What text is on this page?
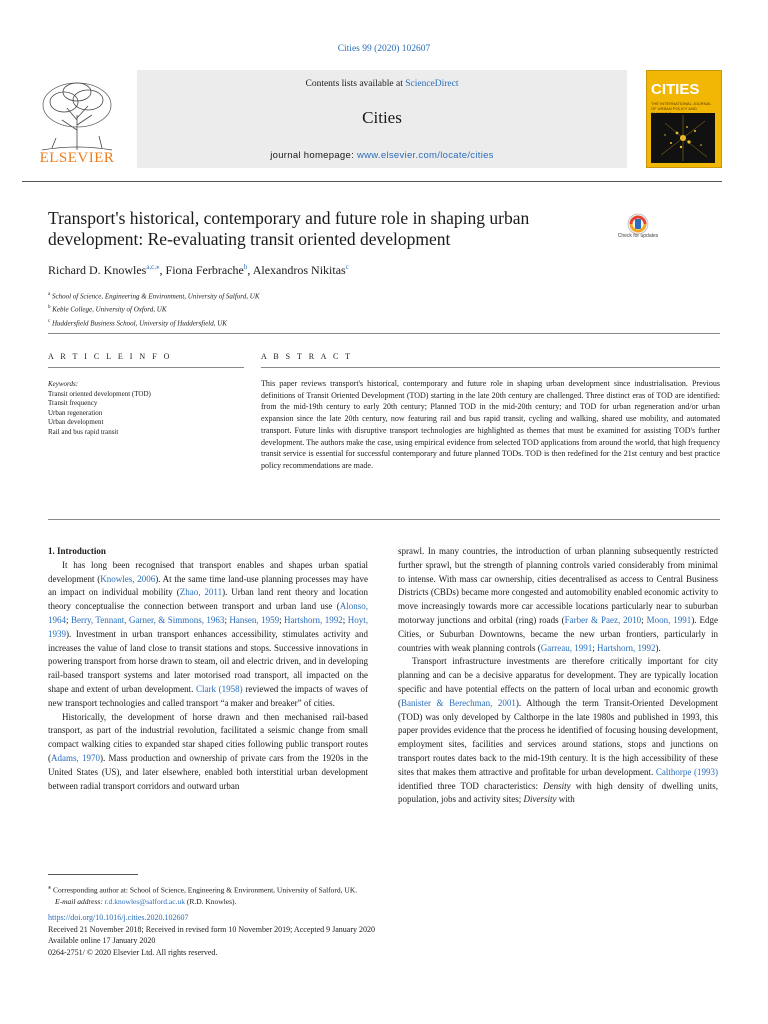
Cities 99 (2020) 102607
ELSEVIER
Contents lists available at ScienceDirect
Cities
journal homepage: www.elsevier.com/locate/cities
CITIES
THE INTERNATIONAL JOURNAL OF URBAN POLICY AND
Transport's historical, contemporary and future role in shaping urban development: Re-evaluating transit oriented development	Check for updates
Richard D. Knowles$^{a,c,⁎}$, Fiona Ferbrache$^b$, Alexandros Nikitas$^c$
$^a$ School of Science, Engineering & Environment, University of Salford, UK
$^b$ Keble College, University of Oxford, UK
$^c$ Huddersfield Business School, University of Huddersfield, UK
A R T I C L E I N F O	A B S T R A C T
Keywords:
Transit oriented development (TOD)
Transit frequency
Urban regeneration
Urban development
Rail and bus rapid transit
This paper reviews transport's historical, contemporary and future role in shaping urban development since industrialisation. Previous definitions of Transit Oriented Development (TOD) starting in the late 20th century are challenged. Three distinct eras of TOD are identified: from the mid-19th century to early 20th century; Planned TOD in the mid-20th century; and TOD for urban regeneration and/or urban expansion since the late 20th century, now featuring rail and bus rapid transit, cycling and walking, shared use mobility, and automated transport. Future links with disruptive transport technologies are highlighted as themes that must be examined for assisting TOD's further development. The authors make the case, using empirical evidence from selected TOD applications from around the world, that high frequency transit service is essential for successful contemporary and future planned TODs. TOD is then redefined for the 21st century and best practice policy recommendations are made.

1. Introduction

It has long been recognised that transport enables and shapes urban spatial development (Knowles, 2006). At the same time land-use planning processes may have an impact on individual mobility (Zhao, 2011). Urban land rent theory and location theory conceptualise the connection between transport and urban land use (Alonso, 1964; Berry, Tennant, Garner, & Simmons, 1963; Hansen, 1959; Hartshorn, 1992; Hoyt, 1939). Investment in urban transport enhances accessibility, stimulates activity and increases the value of land close to transit stations and stops. Successive innovations in powering transport from horse drawn to steam, oil and electric driven, and in developing rail-based transport systems and later motorised road transport, all impacted on the shape and extent of urban development. Clark (1958) reviewed the impacts of waves of new transport technologies and called transport “a maker and breaker” of cities.

Historically, the development of horse drawn and then mechanised rail-based transport, as part of the industrial revolution, facilitated a seismic change from small compact walking cities to expanded star shaped cities following public transport routes (Adams, 1970). Mass production and ownership of private cars from the 1920s in the United States (US), and later elsewhere, enabled both interstitial urban development between radial transport corridors and outward urban

sprawl. In many countries, the introduction of urban planning subsequently restricted further sprawl, but the strength of planning controls varied considerably from minimal to intense. With mass car ownership, cities decentralised as access to Central Business Districts (CBDs) became more congested and automobility enabled economic activity to move increasingly towards more car accessible locations particularly near to suburban motorway junctions and orbital (ring) roads (Farber & Paez, 2010; Moon, 1991). Edge Cities, or Suburban Downtowns, became the new urban frontiers, particularly in countries with weak planning controls (Garreau, 1991; Hartshorn, 1992).

Transport infrastructure investments are therefore critically important for city planning and can be a decisive apparatus for development. They are typically location specific and have potential effects on the pattern of local urban and economic growth (Banister & Berechman, 2001). Although the term Transit-Oriented Development (TOD) was only developed by Calthorpe in the late 1980s and published in 1993, this paper provides evidence that the process he identified of focusing housing development, employment sites, facilities and services around stations, stops and junctions on transport routes dates back to the mid-19th century. It is the high accessibility of these sites that makes them attractive and profitable for urban development. Calthorpe (1993) identified three TOD characteristics: Density with high density of dwelling units, population, jobs and activity sites; Diversity with

⁎ Corresponding author at: School of Science, Engineering & Environment, University of Salford, UK.
E-mail address: r.d.knowles@salford.ac.uk (R.D. Knowles).
https://doi.org/10.1016/j.cities.2020.102607
Received 21 November 2018; Received in revised form 10 November 2019; Accepted 9 January 2020
Available online 17 January 2020
0264-2751/ © 2020 Elsevier Ltd. All rights reserved.
